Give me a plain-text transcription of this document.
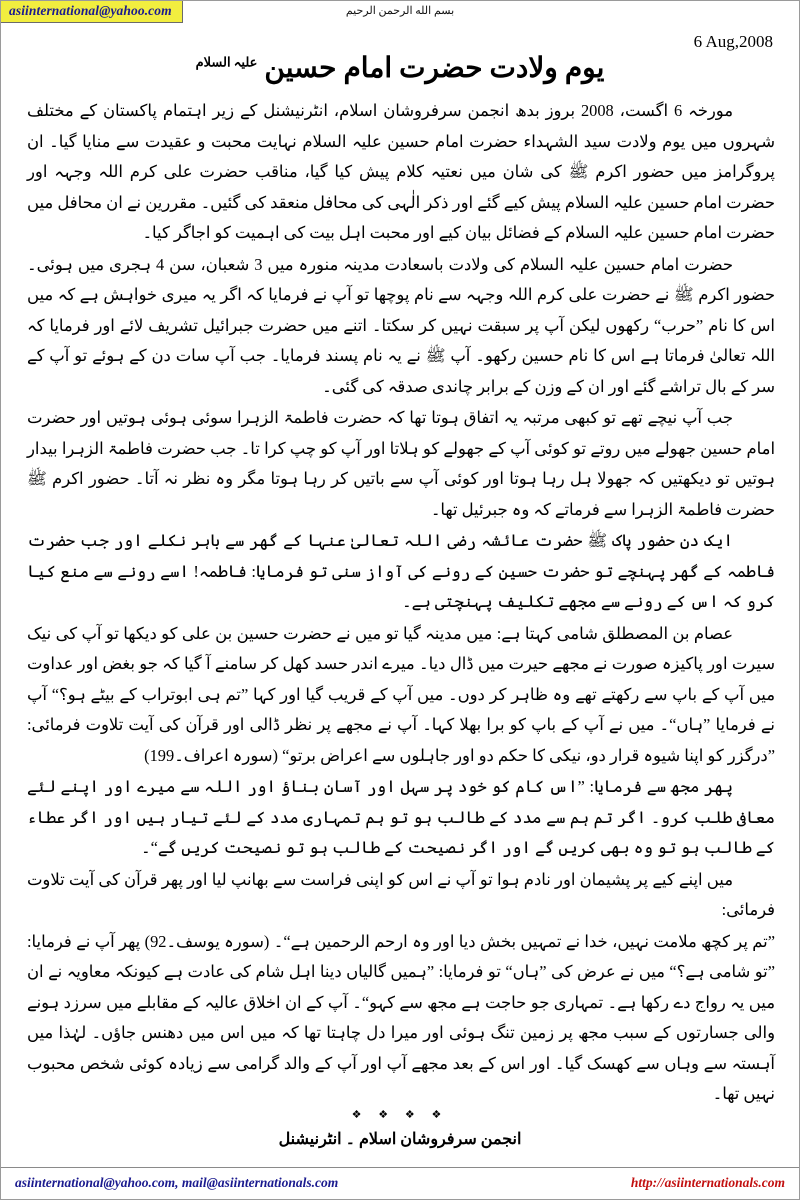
asiinternational@yahoo.com	بسم الله الرحمن الرحيم
6 Aug,2008
یوم ولادت حضرت امام حسین $^{علیہ السلام}$

مورخہ 6 اگست، 2008 بروز بدھ انجمن سرفروشان اسلام، انٹرنیشنل کے زیر اہتمام پاکستان کے مختلف شہروں میں یوم ولادت سید الشہداء حضرت امام حسین علیہ السلام نہایت محبت و عقیدت سے منایا گیا۔ ان پروگرامز میں حضور اکرم ﷺ کی شان میں نعتیہ کلام پیش کیا گیا، مناقب حضرت علی کرم اللہ وجہہ اور حضرت امام حسین علیہ السلام پیش کیے گئے اور ذکر الٰہی کی محافل منعقد کی گئیں۔ مقررین نے ان محافل میں حضرت امام حسین علیہ السلام کے فضائل بیان کیے اور محبت اہل بیت کی اہمیت کو اجاگر کیا۔

حضرت امام حسین علیہ السلام کی ولادت باسعادت مدینہ منورہ میں 3 شعبان، سن 4 ہجری میں ہوئی۔ حضور اکرم ﷺ نے حضرت علی کرم اللہ وجہہ سے نام پوچھا تو آپ نے فرمایا کہ اگر یہ میری خواہش ہے کہ میں اس کا نام ”حرب“ رکھوں لیکن آپ پر سبقت نہیں کر سکتا۔ اتنے میں حضرت جبرائیل تشریف لائے اور فرمایا کہ اللہ تعالیٰ فرماتا ہے اس کا نام حسین رکھو۔ آپ ﷺ نے یہ نام پسند فرمایا۔ جب آپ سات دن کے ہوئے تو آپ کے سر کے بال تراشے گئے اور ان کے وزن کے برابر چاندی صدقہ کی گئی۔

جب آپ نیچے تھے تو کبھی مرتبہ یہ اتفاق ہوتا تھا کہ حضرت فاطمۃ الزہرا سوئی ہوئی ہوتیں اور حضرت امام حسین جھولے میں روتے تو کوئی آپ کے جھولے کو ہلاتا اور آپ کو چپ کرا تا۔ جب حضرت فاطمۃ الزہرا بیدار ہوتیں تو دیکھتیں کہ جھولا ہل رہا ہوتا اور کوئی آپ سے باتیں کر رہا ہوتا مگر وہ نظر نہ آتا۔ حضور اکرم ﷺ حضرت فاطمۃ الزہرا سے فرماتے کہ وہ جبرئیل تھا۔

ایک دن حضور پاک ﷺ حضرت عائشہ رضی اللہ تعالیٰ عنہا کے گھر سے باہر نکلے اور جب حضرت فاطمہ کے گھر پہنچے تو حضرت حسین کے رونے کی آواز سنی تو فرمایا: فاطمہ! اسے رونے سے منع کیا کرو کہ اس کے رونے سے مجھے تکلیف پہنچتی ہے۔

عصام بن المصطلق شامی کہتا ہے: میں مدینہ گیا تو میں نے حضرت حسین بن علی کو دیکھا تو آپ کی نیک سیرت اور پاکیزہ صورت نے مجھے حیرت میں ڈال دیا۔ میرے اندر حسد کھل کر سامنے آ گیا کہ جو بغض اور عداوت میں آپ کے باپ سے رکھتے تھے وہ ظاہر کر دوں۔ میں آپ کے قریب گیا اور کہا ”تم ہی ابوتراب کے بیٹے ہو؟“ آپ نے فرمایا ”ہاں“۔ میں نے آپ کے باپ کو برا بھلا کہا۔ آپ نے مجھے پر نظر ڈالی اور قرآن کی آیت تلاوت فرمائی: ”درگزر کو اپنا شیوہ قرار دو، نیکی کا حکم دو اور جاہلوں سے اعراض برتو“ (سورہ اعراف۔199)

پھر مجھ سے فرمایا: ”اس کام کو خود پر سہل اور آسان بناؤ اور اللہ سے میرے اور اپنے لئے معافی طلب کرو۔ اگر تم ہم سے مدد کے طالب ہو تو ہم تمہاری مدد کے لئے تیار ہیں اور اگر عطاء کے طالب ہو تو وہ بھی کریں گے اور اگر نصیحت کے طالب ہو تو نصیحت کریں گے“۔

میں اپنے کیے پر پشیمان اور نادم ہوا تو آپ نے اس کو اپنی فراست سے بھانپ لیا اور پھر قرآن کی آیت تلاوت فرمائی:

”تم پر کچھ ملامت نہیں، خدا نے تمہیں بخش دیا اور وہ ارحم الرحمین ہے“۔ (سورہ یوسف۔92) پھر آپ نے فرمایا: ”تو شامی ہے؟“ میں نے عرض کی ”ہاں“ تو فرمایا: ”ہمیں گالیاں دینا اہل شام کی عادت ہے کیونکہ معاویہ نے ان میں یہ رواج دے رکھا ہے۔ تمہاری جو حاجت ہے مجھ سے کہو“۔ آپ کے ان اخلاق عالیہ کے مقابلے میں سرزد ہونے والی جسارتوں کے سبب مجھ پر زمین تنگ ہوئی اور میرا دل چاہتا تھا کہ میں اس میں دھنس جاؤں۔ لہٰذا میں آہستہ سے وہاں سے کھسک گیا۔ اور اس کے بعد مجھے آپ اور آپ کے والد گرامی سے زیادہ کوئی شخص محبوب نہیں تھا۔

❖ ❖ ❖ ❖
انجمن سرفروشان اسلام ۔ انٹرنیشنل
asiinternational@yahoo.com, mail@asiinternationals.com	http://asiinternationals.com
